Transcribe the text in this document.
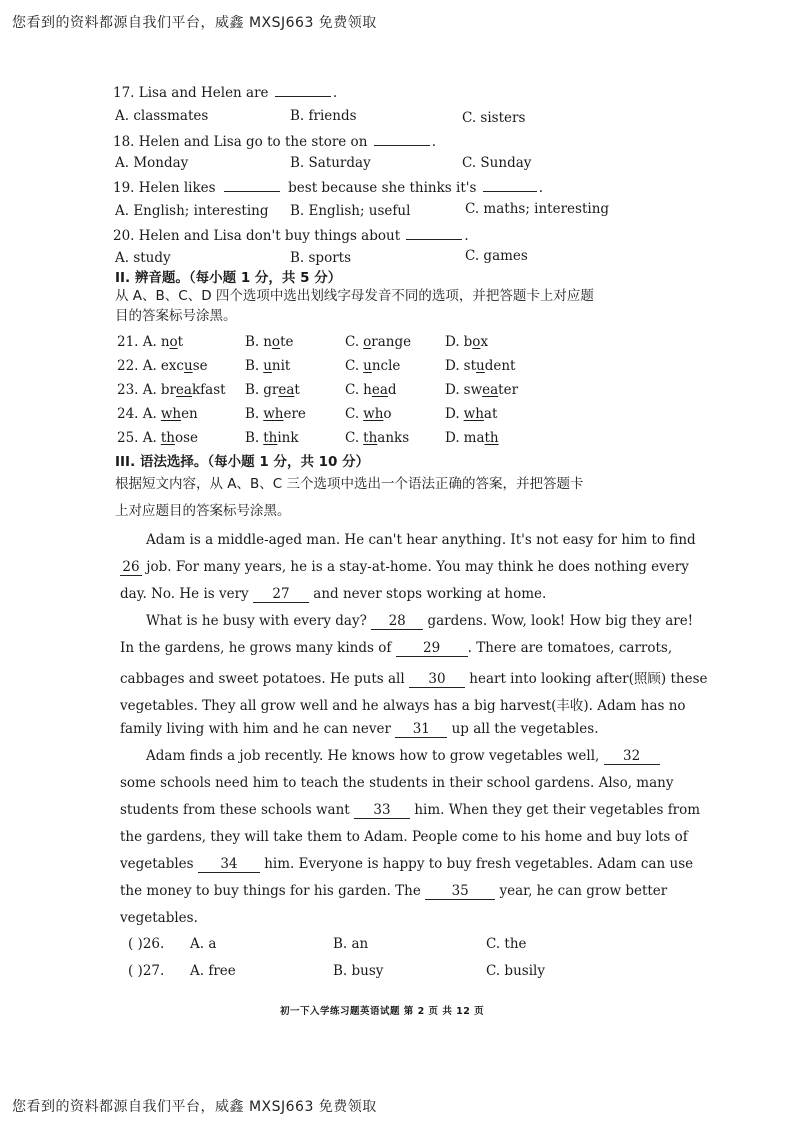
您看到的资料都源自我们平台，威鑫 MXSJ663 免费领取
17. Lisa and Helen are	.
A. classmates	B. friends	C. sisters
18. Helen and Lisa go to the store on	.
A. Monday	B. Saturday	C. Sunday
19. Helen likes	best because she thinks it's	.
A. English; interesting B. English; useful	C. maths; interesting
20. Helen and Lisa don't buy things about	.
A. study	B. sports	C. games
II. 辨音题。（每小题 1 分，共 5 分）
从 A、B、C、D 四个选项中选出划线字母发音不同的选项，并把答题卡上对应题
目的答案标号涂黑。
21. A. not	B. note	C. orange	D. box
22. A. excuse	B. unit	C. uncle	D. student
23. A. breakfast B. great	C. head	D. sweater
24. A. when	B. where	C. who	D. what
25. A. those	B. think	C. thanks	D. math
III. 语法选择。（每小题 1 分，共 10 分）
根据短文内容，从 A、B、C 三个选项中选出一个语法正确的答案，并把答题卡
上对应题目的答案标号涂黑。
Adam is a middle-aged man. He can't hear anything. It's not easy for him to find
26 job. For many years, he is a stay-at-home. You may think he does nothing every
day. No. He is very 27 and never stops working at home.
What is he busy with every day? 28 gardens. Wow, look! How big they are!
In the gardens, he grows many kinds of 29 . There are tomatoes, carrots,
cabbages and sweet potatoes. He puts all 30 heart into looking after(照顾) these
vegetables. They all grow well and he always has a big harvest(丰收). Adam has no
family living with him and he can never 31 up all the vegetables.
Adam finds a job recently. He knows how to grow vegetables well, 32
some schools need him to teach the students in their school gardens. Also, many
students from these schools want 33 him. When they get their vegetables from
the gardens, they will take them to Adam. People come to his home and buy lots of
vegetables 34 him. Everyone is happy to buy fresh vegetables. Adam can use
the money to buy things for his garden. The 35 year, he can grow better
vegetables.
( )26. A. a	B. an	C. the
( )27. A. free	B. busy	C. busily
初一下入学练习题英语试题 第 2 页 共 12 页
您看到的资料都源自我们平台，威鑫 MXSJ663 免费领取
